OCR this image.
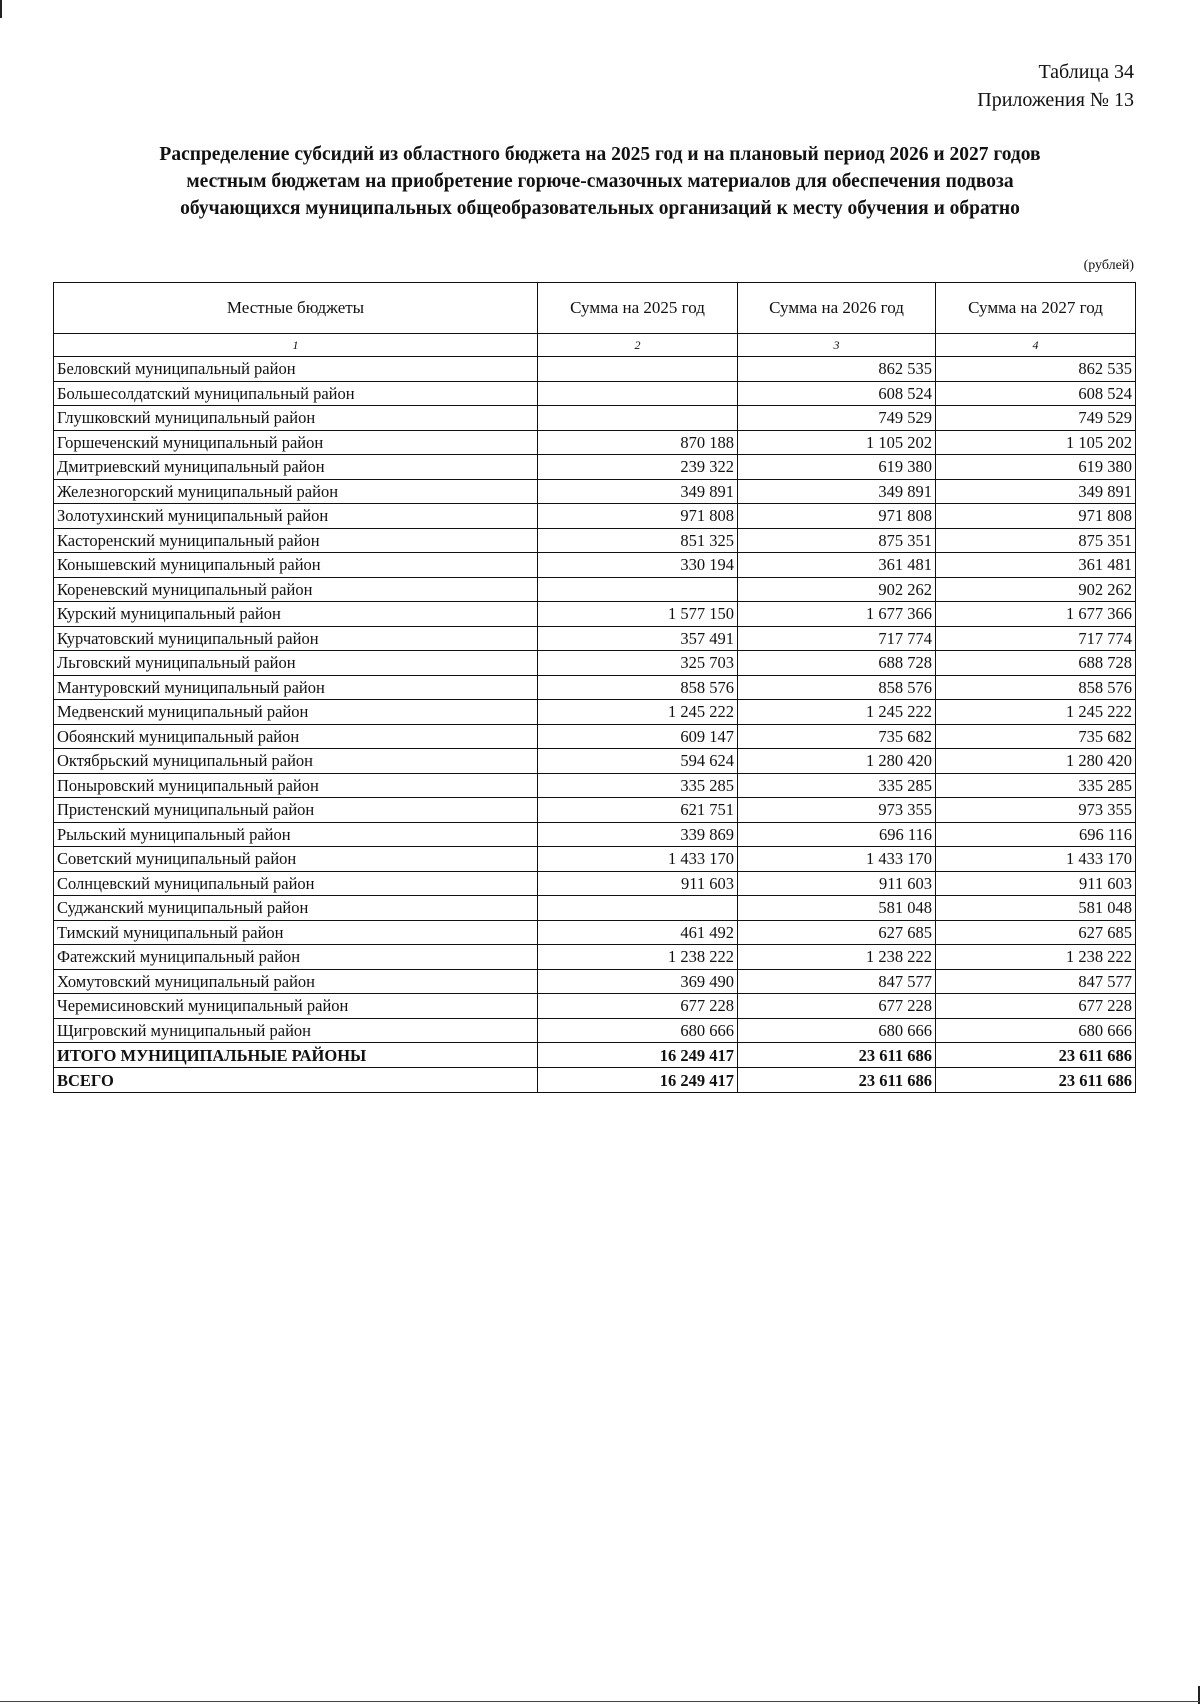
Таблица 34
Приложения № 13
Распределение субсидий из областного бюджета на 2025 год и на плановый период 2026 и 2027 годов
местным бюджетам на приобретение горюче-смазочных материалов для обеспечения подвоза
обучающихся муниципальных общеобразовательных организаций к месту обучения и обратно
(рублей)
Местные бюджеты	Сумма на 2025 год	Сумма на 2026 год	Сумма на 2027 год
1	2	3	4
Беловский муниципальный район		862 535	862 535
Большесолдатский муниципальный район		608 524	608 524
Глушковский муниципальный район		749 529	749 529
Горшеченский муниципальный район	870 188	1 105 202	1 105 202
Дмитриевский муниципальный район	239 322	619 380	619 380
Железногорский муниципальный район	349 891	349 891	349 891
Золотухинский муниципальный район	971 808	971 808	971 808
Касторенский муниципальный район	851 325	875 351	875 351
Конышевский муниципальный район	330 194	361 481	361 481
Кореневский муниципальный район		902 262	902 262
Курский муниципальный район	1 577 150	1 677 366	1 677 366
Курчатовский муниципальный район	357 491	717 774	717 774
Льговский муниципальный район	325 703	688 728	688 728
Мантуровский муниципальный район	858 576	858 576	858 576
Медвенский муниципальный район	1 245 222	1 245 222	1 245 222
Обоянский муниципальный район	609 147	735 682	735 682
Октябрьский муниципальный район	594 624	1 280 420	1 280 420
Поныровский муниципальный район	335 285	335 285	335 285
Пристенский муниципальный район	621 751	973 355	973 355
Рыльский муниципальный район	339 869	696 116	696 116
Советский муниципальный район	1 433 170	1 433 170	1 433 170
Солнцевский муниципальный район	911 603	911 603	911 603
Суджанский муниципальный район		581 048	581 048
Тимский муниципальный район	461 492	627 685	627 685
Фатежский муниципальный район	1 238 222	1 238 222	1 238 222
Хомутовский муниципальный район	369 490	847 577	847 577
Черемисиновский муниципальный район	677 228	677 228	677 228
Щигровский муниципальный район	680 666	680 666	680 666
ИТОГО МУНИЦИПАЛЬНЫЕ РАЙОНЫ	16 249 417	23 611 686	23 611 686
ВСЕГО	16 249 417	23 611 686	23 611 686
